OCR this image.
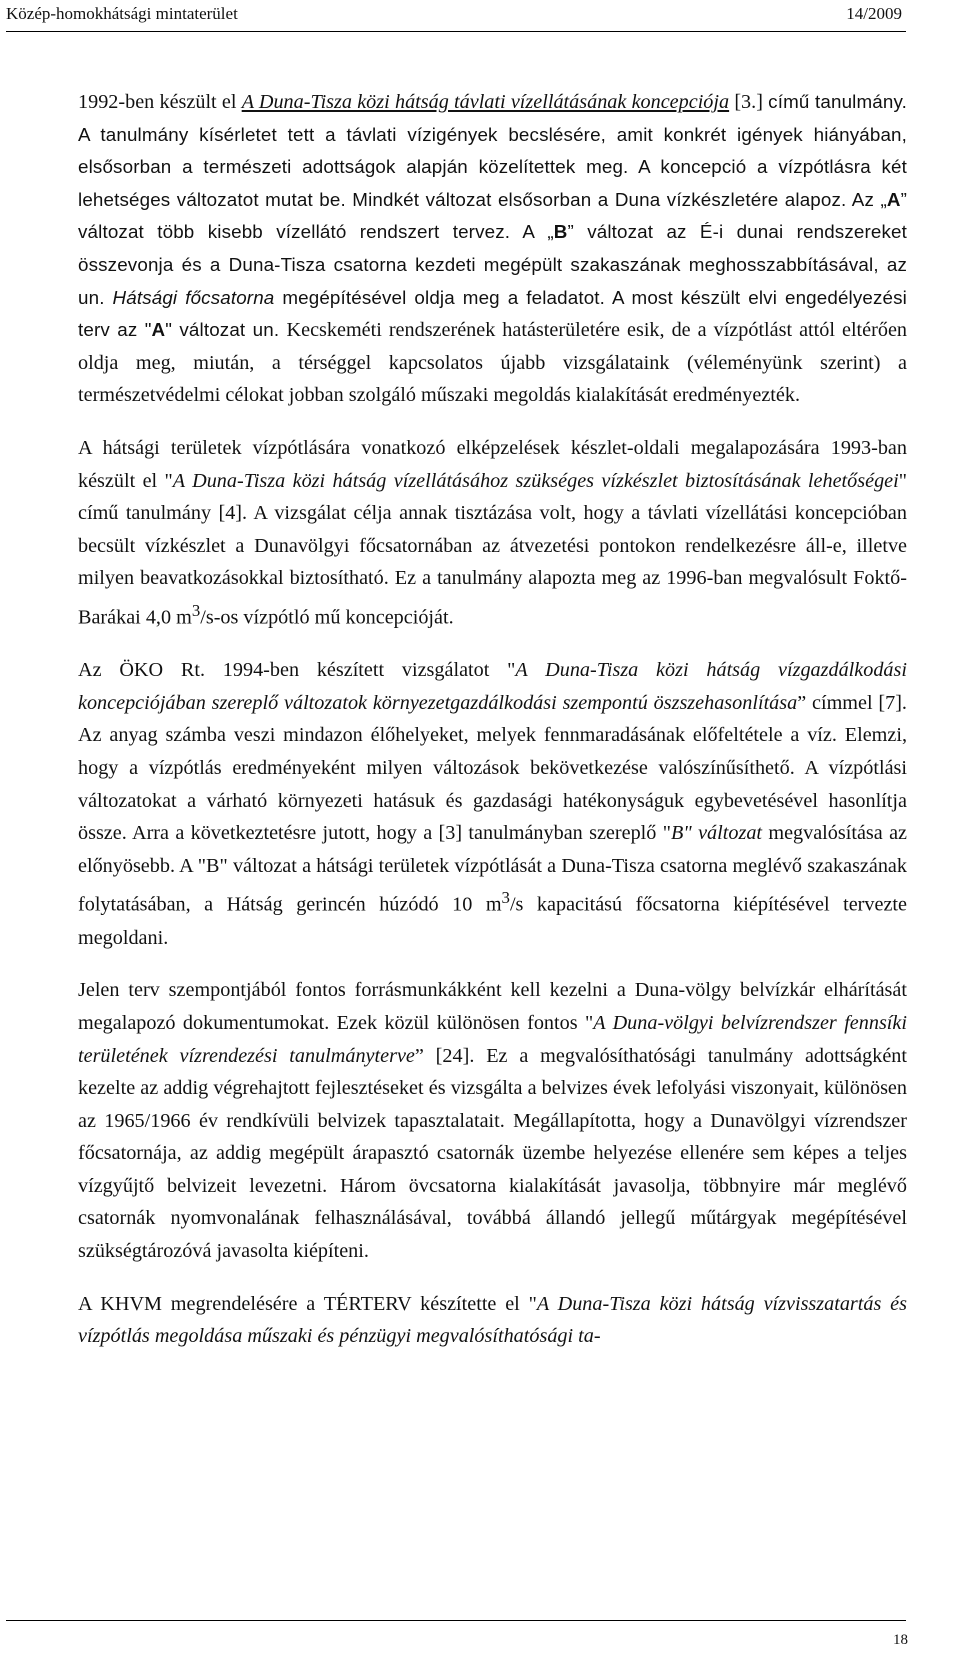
Közép-homokhátsági mintaterület	14/2009

1992-ben készült el A Duna-Tisza közi hátság távlati vízellátásának koncepciója [3.] című tanulmány. A tanulmány kísérletet tett a távlati vízigények becslésére, amit konkrét igények hiányában, elsősorban a természeti adottságok alapján közelítettek meg. A koncepció a vízpótlásra két lehetséges változatot mutat be. Mindkét változat elsősorban a Duna vízkészletére alapoz. Az „A” változat több kisebb vízellátó rendszert tervez. A „B” változat az É-i dunai rendszereket összevonja és a Duna-Tisza csatorna kezdeti megépült szakaszának meghosszabbításával, az un. Hátsági főcsatorna megépítésével oldja meg a feladatot. A most készült elvi engedélyezési terv az "A" változat un. Kecskeméti rendszerének hatásterületére esik, de a vízpótlást attól eltérően oldja meg, miután, a térséggel kapcsolatos újabb vizsgálataink (véleményünk szerint) a természetvédelmi célokat jobban szolgáló műszaki megoldás kialakítását eredményezték.

A hátsági területek vízpótlására vonatkozó elképzelések készlet-oldali megalapozására 1993-ban készült el "A Duna-Tisza közi hátság vízellátásához szükséges vízkészlet biztosításának lehetőségei" című tanulmány [4]. A vizsgálat célja annak tisztázása volt, hogy a távlati vízellátási koncepcióban becsült vízkészlet a Dunavölgyi főcsatornában az átvezetési pontokon rendelkezésre áll-e, illetve milyen beavatkozásokkal biztosítható. Ez a tanulmány alapozta meg az 1996-ban megvalósult Foktő-Barákai 4,0 $m^3/s-os$ vízpótló mű koncepcióját.

Az ÖKO Rt. 1994-ben készített vizsgálatot "A Duna-Tisza közi hátság vízgazdálkodási koncepciójában szereplő változatok környezetgazdálkodási szempontú öszszehasonlítása” címmel [7]. Az anyag számba veszi mindazon élőhelyeket, melyek fennmaradásának előfeltétele a víz. Elemzi, hogy a vízpótlás eredményeként milyen változások bekövetkezése valószínűsíthető. A vízpótlási változatokat a várható környezeti hatásuk és gazdasági hatékonyságuk egybevetésével hasonlítja össze. Arra a következtetésre jutott, hogy a [3] tanulmányban szereplő "B" változat megvalósítása az előnyösebb. A "B" változat a hátsági területek vízpótlását a Duna-Tisza csatorna meglévő szakaszának folytatásában, a Hátság gerincén húzódó 10 $m^3/s$ kapacitású főcsatorna kiépítésével tervezte megoldani.

Jelen terv szempontjából fontos forrásmunkákként kell kezelni a Duna-völgy belvízkár elhárítását megalapozó dokumentumokat. Ezek közül különösen fontos "A Duna-völgyi belvízrendszer fennsíki területének vízrendezési tanulmányterve” [24]. Ez a megvalósíthatósági tanulmány adottságként kezelte az addig végrehajtott fejlesztéseket és vizsgálta a belvizes évek lefolyási viszonyait, különösen az 1965/1966 év rendkívüli belvizek tapasztalatait. Megállapította, hogy a Dunavölgyi vízrendszer főcsatornája, az addig megépült árapasztó csatornák üzembe helyezése ellenére sem képes a teljes vízgyűjtő belvizeit levezetni. Három övcsatorna kialakítását javasolja, többnyire már meglévő csatornák nyomvonalának felhasználásával, továbbá állandó jellegű műtárgyak megépítésével szükségtározóvá javasolta kiépíteni.

A KHVM megrendelésére a TÉRTERV készítette el "A Duna-Tisza közi hátság vízvisszatartás és vízpótlás megoldása műszaki és pénzügyi megvalósíthatósági ta-

18
